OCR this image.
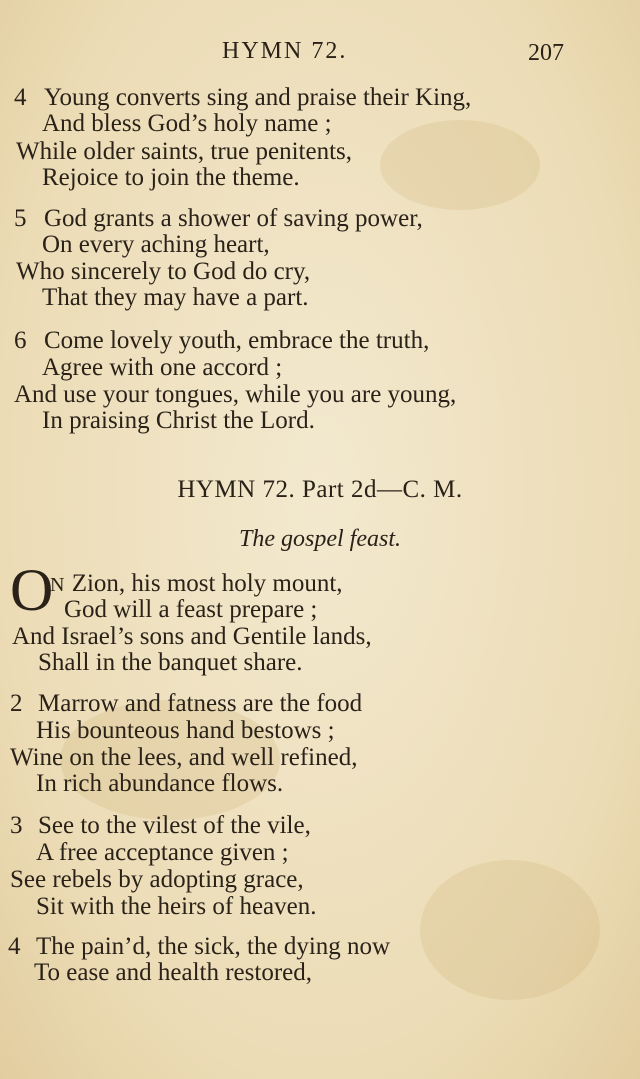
HYMN 72.	207
4 Young converts sing and praise their King,
And bless God’s holy name ;
While older saints, true penitents,
Rejoice to join the theme.
5 God grants a shower of saving power,
On every aching heart,
Who sincerely to God do cry,
That they may have a part.
6 Come lovely youth, embrace the truth,
Agree with one accord ;
And use your tongues, while you are young,
In praising Christ the Lord.
HYMN 72. Part 2d—C. M.
The gospel feast.
O
N Zion, his most holy mount,
God will a feast prepare ;
And Israel’s sons and Gentile lands,
Shall in the banquet share.
2 Marrow and fatness are the food
His bounteous hand bestows ;
Wine on the lees, and well refined,
In rich abundance flows.
3 See to the vilest of the vile,
A free acceptance given ;
See rebels by adopting grace,
Sit with the heirs of heaven.
4 The pain’d, the sick, the dying now
To ease and health restored,
